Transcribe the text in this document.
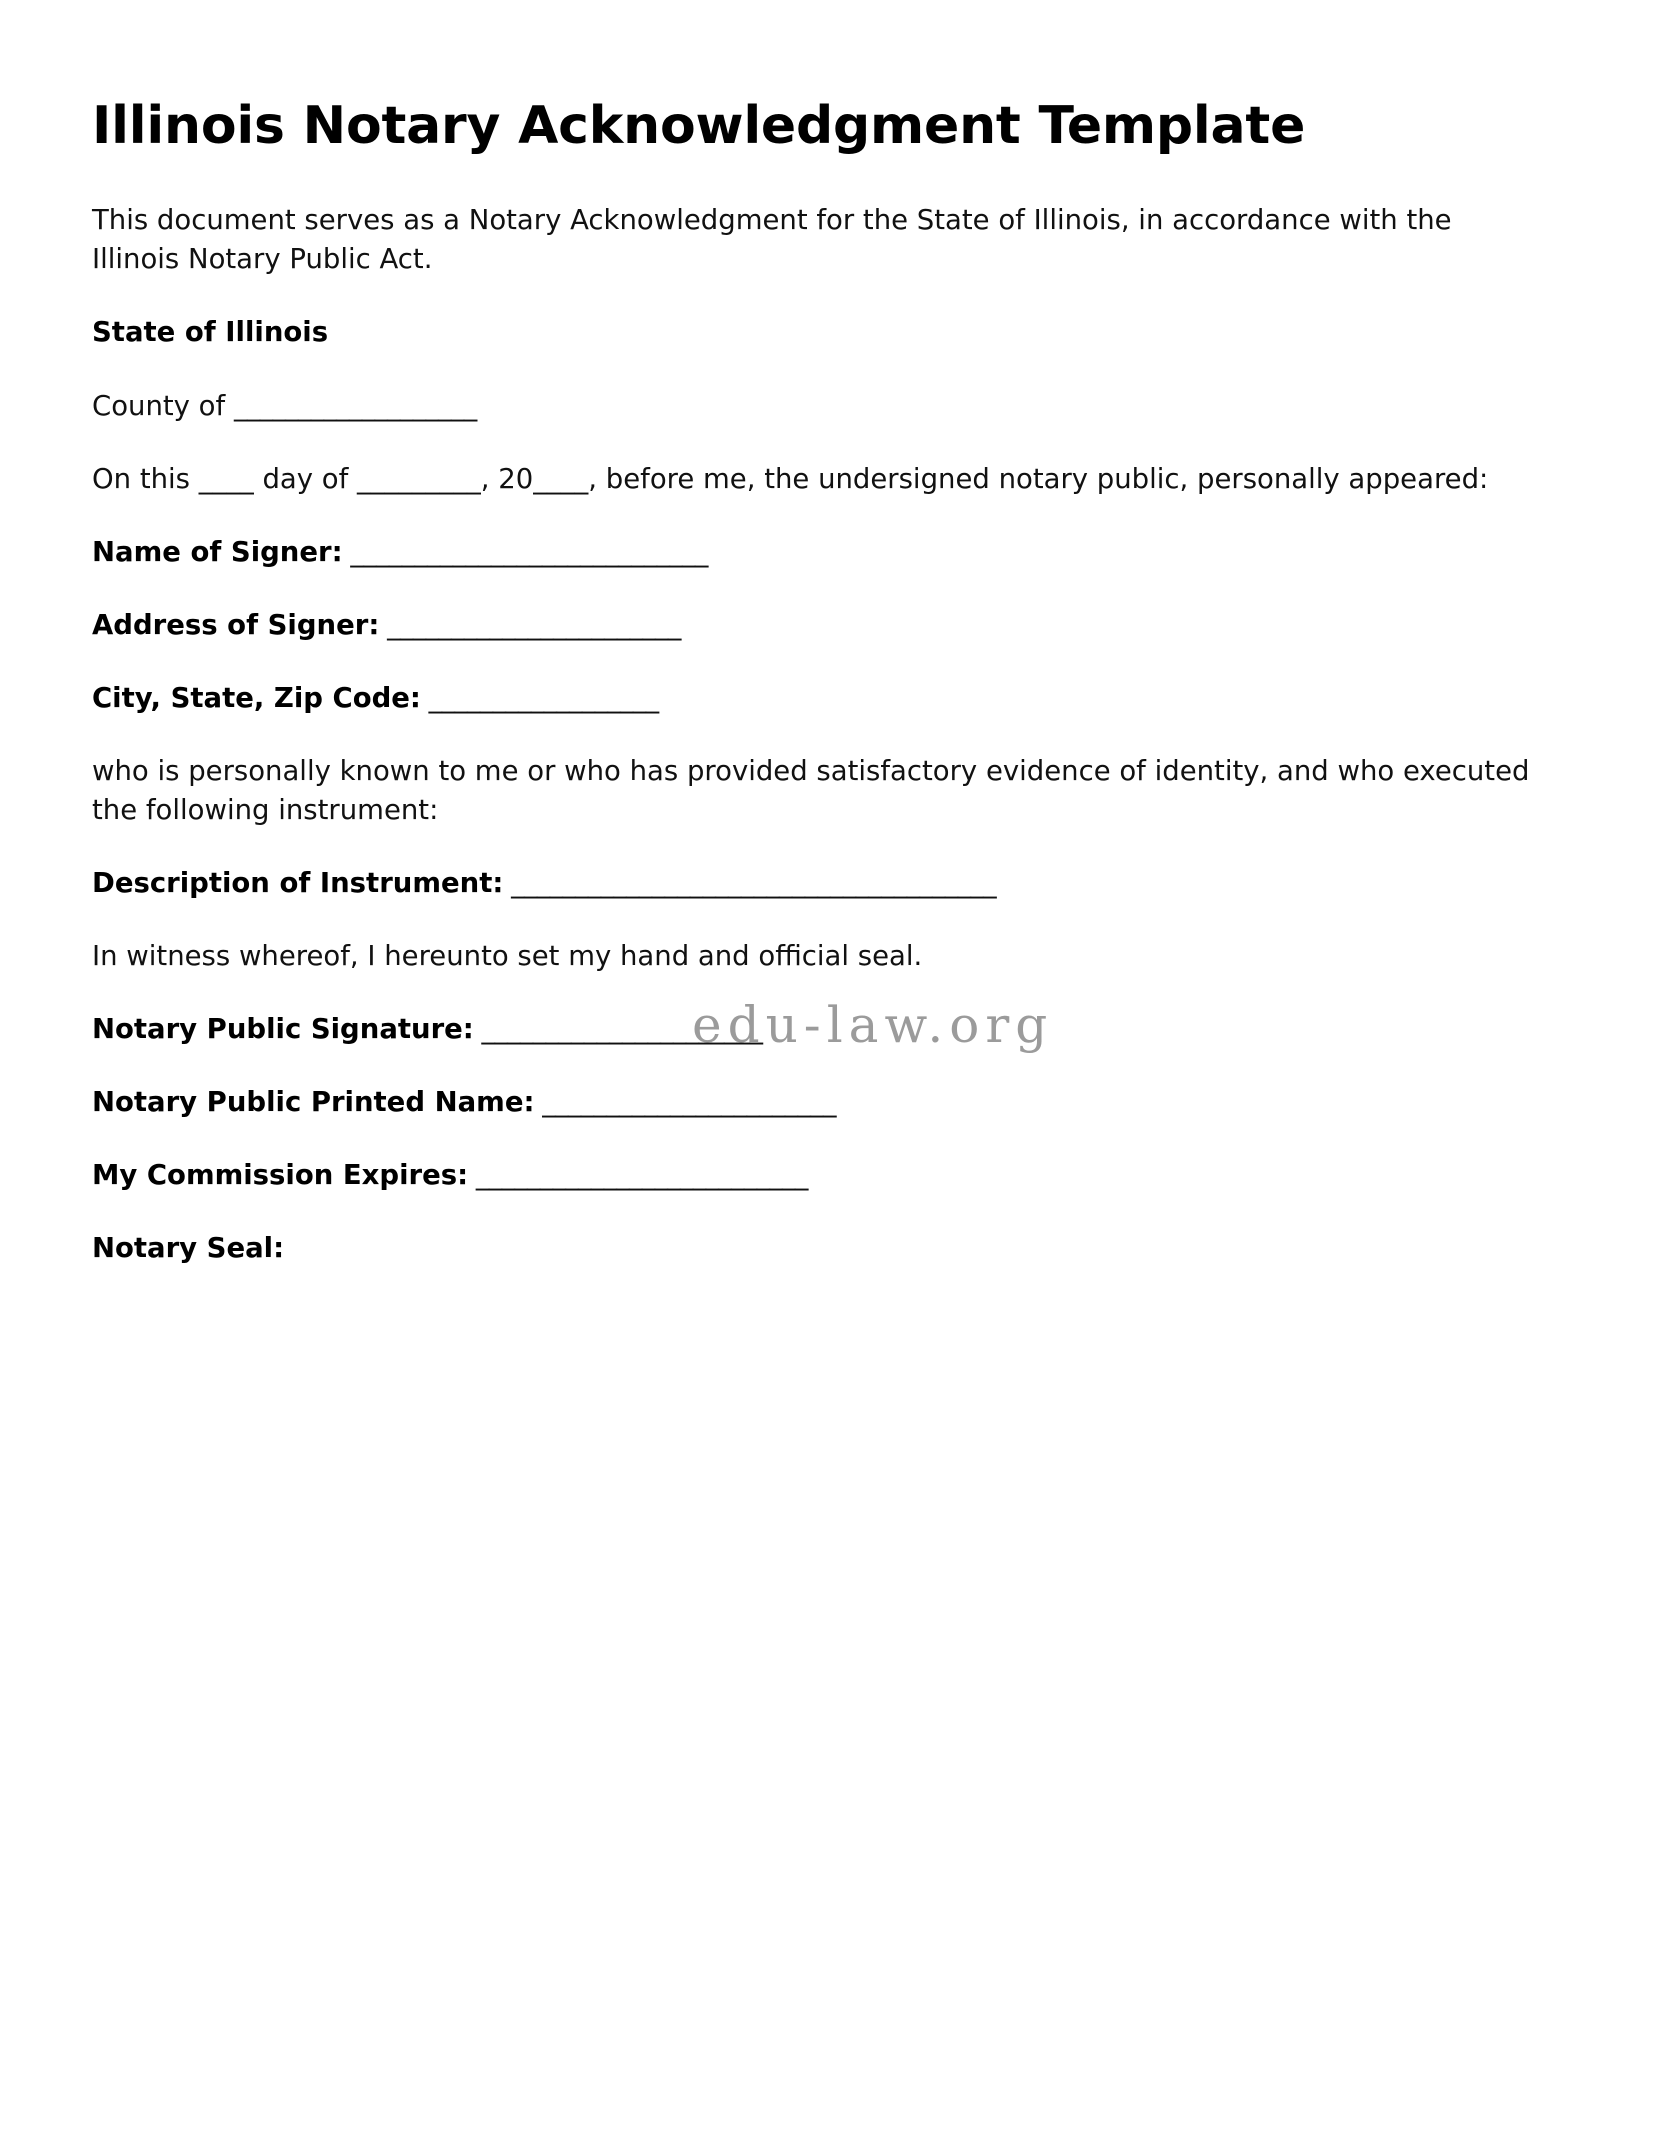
Illinois Notary Acknowledgment Template

This document serves as a Notary Acknowledgment for the State of Illinois, in accordance with the Illinois Notary Public Act.

State of Illinois

County of ___________________

On this ____ day of _________, 20____, before me, the undersigned notary public, personally appeared:

Name of Signer: ____________________________

Address of Signer: _______________________

City, State, Zip Code: __________________

who is personally known to me or who has provided satisfactory evidence of identity, and who executed the following instrument:

Description of Instrument: ______________________________________

In witness whereof, I hereunto set my hand and official seal.

Notary Public Signature: ______________________

edu-law.org

Notary Public Printed Name: _______________________

My Commission Expires: __________________________

Notary Seal:
